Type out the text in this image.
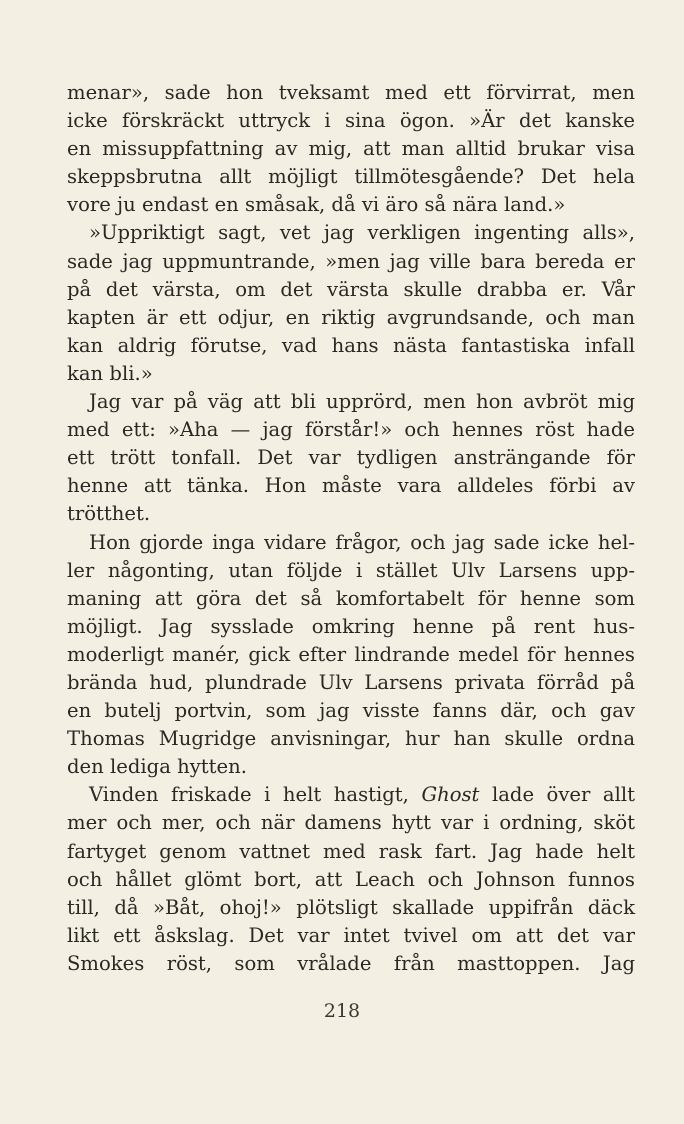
menar», sade hon tveksamt med ett förvirrat, men
icke förskräckt uttryck i sina ögon. »Är det kanske
en missuppfattning av mig, att man alltid brukar visa
skeppsbrutna allt möjligt tillmötesgående? Det hela
vore ju endast en småsak, då vi äro så nära land.»
»Uppriktigt sagt, vet jag verkligen ingenting alls»,
sade jag uppmuntrande, »men jag ville bara bereda er
på det värsta, om det värsta skulle drabba er. Vår
kapten är ett odjur, en riktig avgrundsande, och man
kan aldrig förutse, vad hans nästa fantastiska infall
kan bli.»
Jag var på väg att bli upprörd, men hon avbröt mig
med ett: »Aha — jag förstår!» och hennes röst hade
ett trött tonfall. Det var tydligen ansträngande för
henne att tänka. Hon måste vara alldeles förbi av
trötthet.
Hon gjorde inga vidare frågor, och jag sade icke hel-
ler någonting, utan följde i stället Ulv Larsens upp-
maning att göra det så komfortabelt för henne som
möjligt. Jag sysslade omkring henne på rent hus-
moderligt manér, gick efter lindrande medel för hennes
brända hud, plundrade Ulv Larsens privata förråd på
en butelj portvin, som jag visste fanns där, och gav
Thomas Mugridge anvisningar, hur han skulle ordna
den lediga hytten.
Vinden friskade i helt hastigt, Ghost lade över allt
mer och mer, och när damens hytt var i ordning, sköt
fartyget genom vattnet med rask fart. Jag hade helt
och hållet glömt bort, att Leach och Johnson funnos
till, då »Båt, ohoj!» plötsligt skallade uppifrån däck
likt ett åskslag. Det var intet tvivel om att det var
Smokes röst, som vrålade från masttoppen. Jag
218
